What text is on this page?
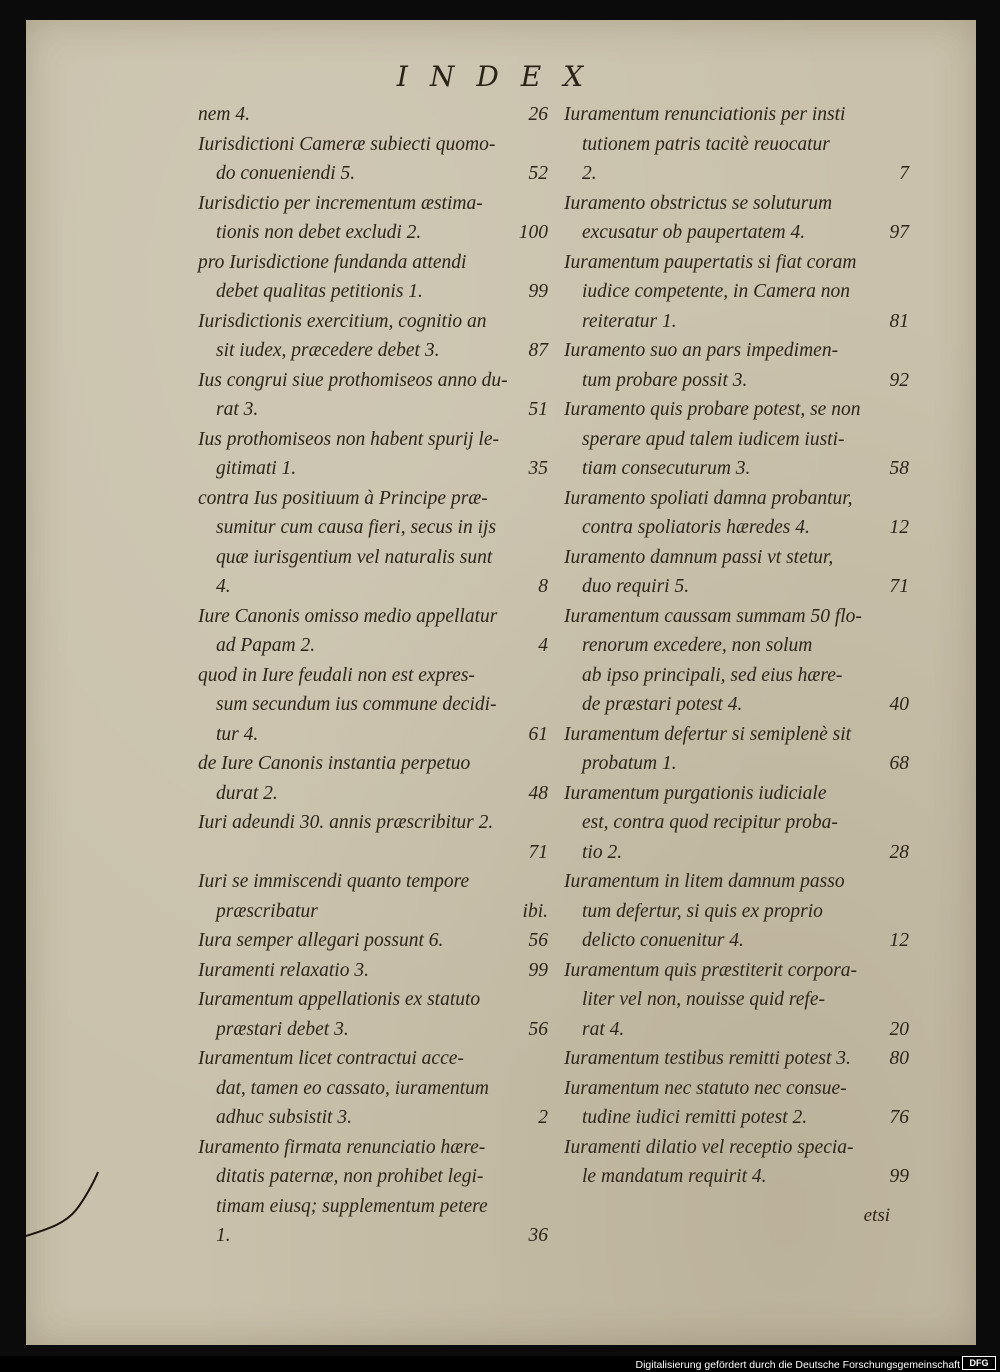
INDEX
nem 4.	26
Iurisdictioni Cameræ subiecti quomo-
do conueniendi 5.	52
Iurisdictio per incrementum æstima-
tionis non debet excludi 2.	100
pro Iurisdictione fundanda attendi
debet qualitas petitionis 1.	99
Iurisdictionis exercitium, cognitio an
sit iudex, præcedere debet 3.	87
Ius congrui siue prothomiseos anno du-
rat 3.	51
Ius prothomiseos non habent spurij le-
gitimati 1.	35
contra Ius positiuum à Principe præ-
sumitur cum causa fieri, secus in ijs
quæ iurisgentium vel naturalis sunt
4.	8
Iure Canonis omisso medio appellatur
ad Papam 2.	4
quod in Iure feudali non est expres-
sum secundum ius commune decidi-
tur 4.	61
de Iure Canonis instantia perpetuo
durat 2.	48
Iuri adeundi 30. annis præscribitur 2.

71
Iuri se immiscendi quanto tempore
præscribatur	ibi.
Iura semper allegari possunt 6.	56
Iuramenti relaxatio 3.	99
Iuramentum appellationis ex statuto
præstari debet 3.	56
Iuramentum licet contractui acce-
dat, tamen eo cassato, iuramentum
adhuc subsistit 3.	2
Iuramento firmata renunciatio hære-
ditatis paternæ, non prohibet legi-
timam eiusq; supplementum petere
1.	36
Iuramentum renunciationis per insti
tutionem patris tacitè reuocatur
2.	7
Iuramento obstrictus se soluturum
excusatur ob paupertatem 4.	97
Iuramentum paupertatis si fiat coram
iudice competente, in Camera non
reiteratur 1.	81
Iuramento suo an pars impedimen-
tum probare possit 3.	92
Iuramento quis probare potest, se non
sperare apud talem iudicem iusti-
tiam consecuturum 3.	58
Iuramento spoliati damna probantur,
contra spoliatoris hæredes 4.	12
Iuramento damnum passi vt stetur,
duo requiri 5.	71
Iuramentum caussam summam 50 flo-
renorum excedere, non solum
ab ipso principali, sed eius hære-
de præstari potest 4.	40
Iuramentum defertur si semiplenè sit
probatum 1.	68
Iuramentum purgationis iudiciale
est, contra quod recipitur proba-
tio 2.	28
Iuramentum in litem damnum passo
tum defertur, si quis ex proprio
delicto conuenitur 4.	12
Iuramentum quis præstiterit corpora-
liter vel non, nouisse quid refe-
rat 4.	20
Iuramentum testibus remitti potest 3. 80
Iuramentum nec statuto nec consue-
tudine iudici remitti potest 2.	76
Iuramenti dilatio vel receptio specia-
le mandatum requirit 4.	99
etsi
Digitalisierung gefördert durch die Deutsche Forschungsgemeinschaft	DFG
